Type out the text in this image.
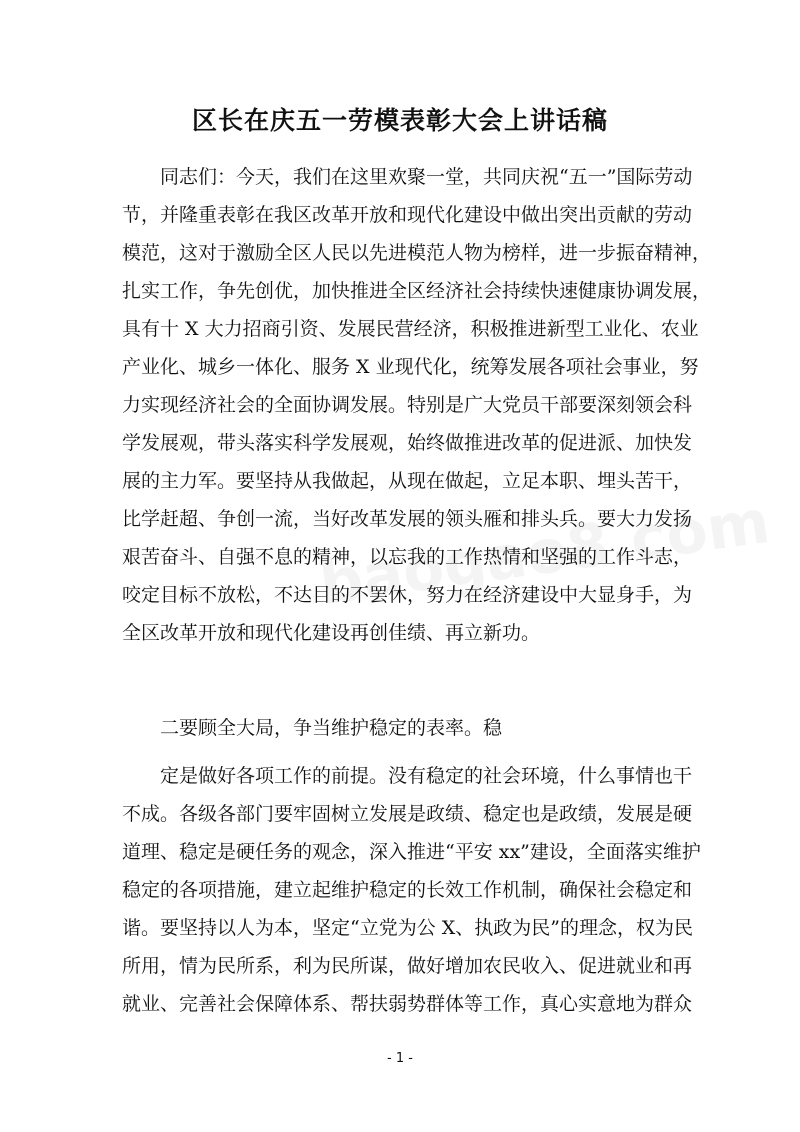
区长在庆五一劳模表彰大会上讲话稿
同志们：今天，我们在这里欢聚一堂，共同庆祝“五一”国际劳动
节，并隆重表彰在我区改革开放和现代化建设中做出突出贡献的劳动
模范，这对于激励全区人民以先进模范人物为榜样，进一步振奋精神，
扎实工作，争先创优，加快推进全区经济社会持续快速健康协调发展，
具有十 X 大力招商引资、发展民营经济，积极推进新型工业化、农业
产业化、城乡一体化、服务 X 业现代化，统筹发展各项社会事业，努
力实现经济社会的全面协调发展。特别是广大党员干部要深刻领会科
学发展观，带头落实科学发展观，始终做推进改革的促进派、加快发
展的主力军。要坚持从我做起，从现在做起，立足本职、埋头苦干，
比学赶超、争创一流，当好改革发展的领头雁和排头兵。要大力发扬
艰苦奋斗、自强不息的精神，以忘我的工作热情和坚强的工作斗志，
咬定目标不放松，不达目的不罢休，努力在经济建设中大显身手，为
全区改革开放和现代化建设再创佳绩、再立新功。
二要顾全大局，争当维护稳定的表率。稳
定是做好各项工作的前提。没有稳定的社会环境，什么事情也干
不成。各级各部门要牢固树立发展是政绩、稳定也是政绩，发展是硬
道理、稳定是硬任务的观念，深入推进“平安 xx”建设，全面落实维护
稳定的各项措施，建立起维护稳定的长效工作机制，确保社会稳定和
谐。要坚持以人为本，坚定“立党为公 X、执政为民”的理念，权为民
所用，情为民所系，利为民所谋，做好增加农民收入、促进就业和再
就业、完善社会保障体系、帮扶弱势群体等工作，真心实意地为群众
- 1 -
